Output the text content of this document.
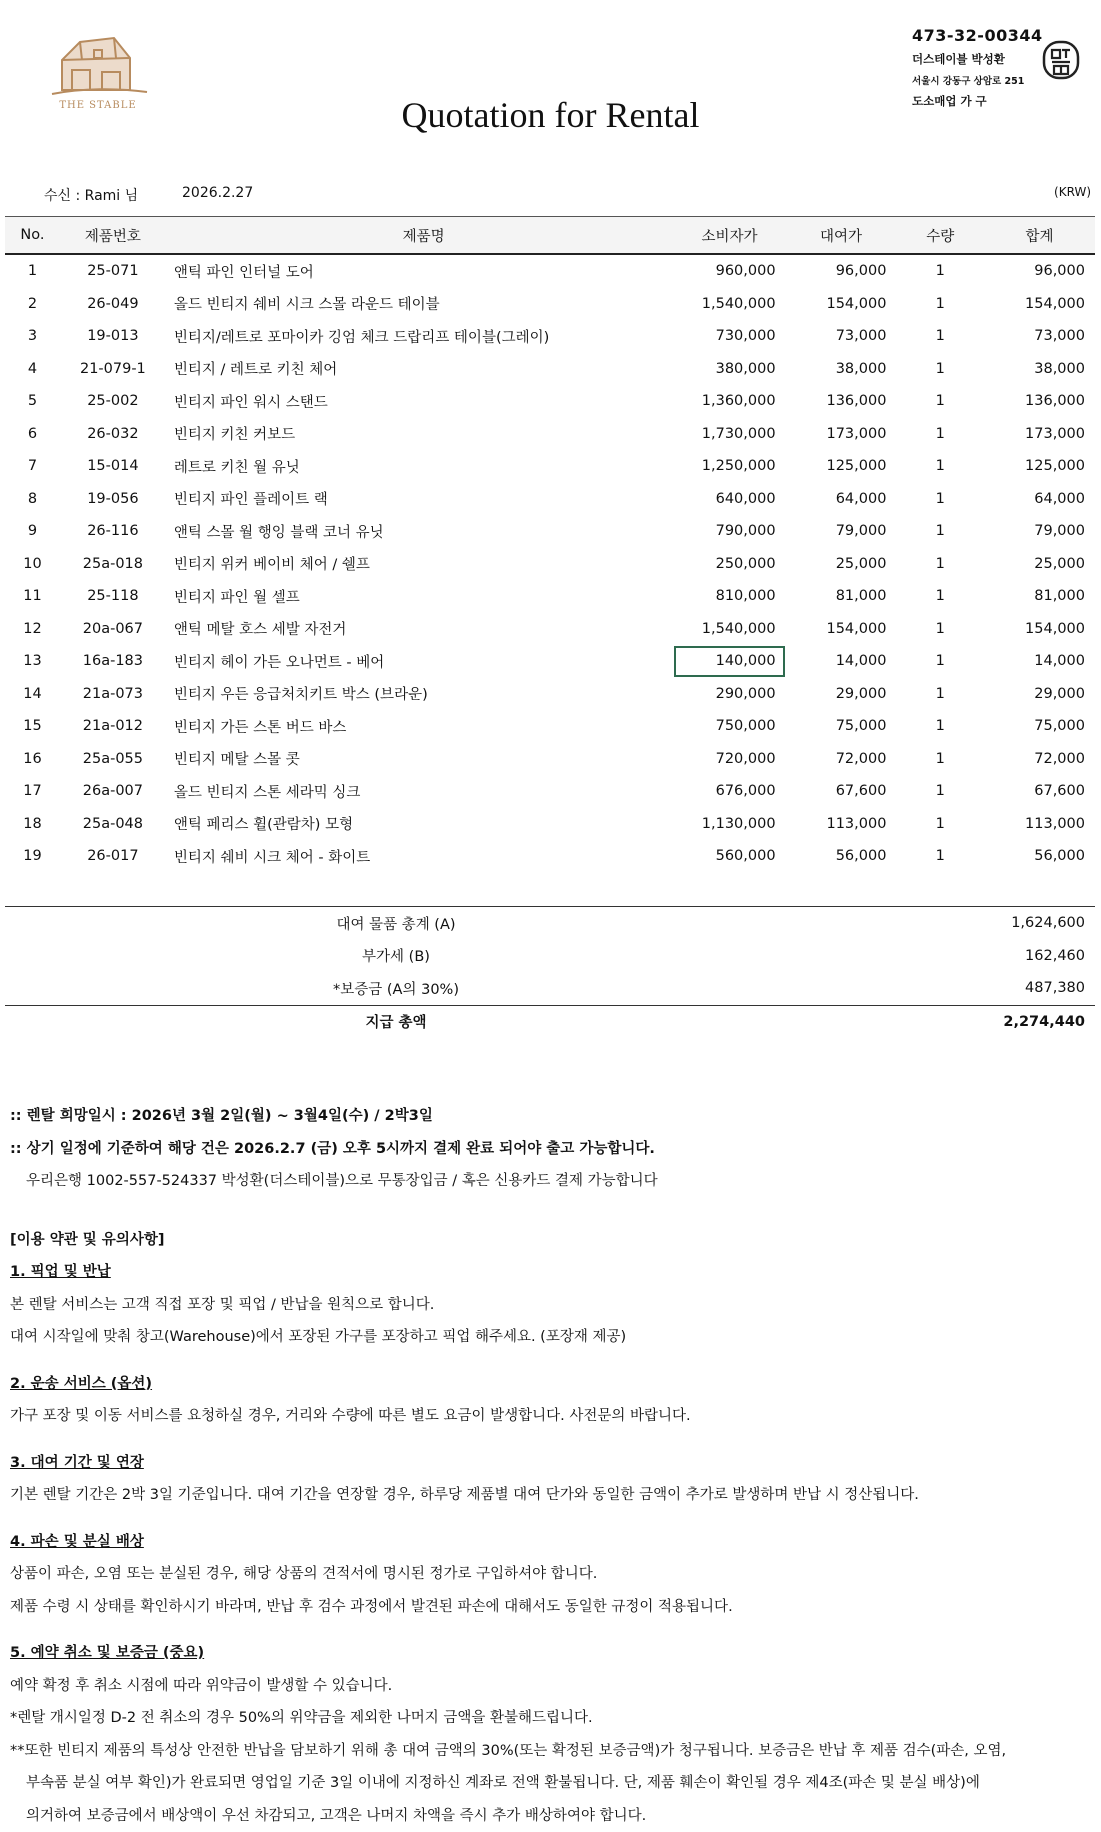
THE STABLE	Quotation for Rental
473-32-00344
더스테이블 박성환
서울시 강동구 상암로 251
도소매업 가 구
수신 : Rami 님	2026.2.27	(KRW)
No.	제품번호	제품명	소비자가	대여가	수량	합계
1	25-071	앤틱 파인 인터널 도어	960,000	96,000	1	96,000
2	26-049	올드 빈티지 쉐비 시크 스몰 라운드 테이블	1,540,000	154,000	1	154,000
3	19-013	빈티지/레트로 포마이카 깅엄 체크 드랍리프 테이블(그레이)	730,000	73,000	1	73,000
4	21-079-1	빈티지 / 레트로 키친 체어	380,000	38,000	1	38,000
5	25-002	빈티지 파인 워시 스탠드	1,360,000	136,000	1	136,000
6	26-032	빈티지 키친 커보드	1,730,000	173,000	1	173,000
7	15-014	레트로 키친 월 유닛	1,250,000	125,000	1	125,000
8	19-056	빈티지 파인 플레이트 랙	640,000	64,000	1	64,000
9	26-116	앤틱 스몰 월 행잉 블랙 코너 유닛	790,000	79,000	1	79,000
10	25a-018	빈티지 위커 베이비 체어 / 쉘프	250,000	25,000	1	25,000
11	25-118	빈티지 파인 월 셀프	810,000	81,000	1	81,000
12	20a-067	앤틱 메탈 호스 세발 자전거	1,540,000	154,000	1	154,000
13	16a-183	빈티지 헤이 가든 오나먼트 - 베어	140,000	14,000	1	14,000
14	21a-073	빈티지 우든 응급처치키트 박스 (브라운)	290,000	29,000	1	29,000
15	21a-012	빈티지 가든 스톤 버드 바스	750,000	75,000	1	75,000
16	25a-055	빈티지 메탈 스몰 콧	720,000	72,000	1	72,000
17	26a-007	올드 빈티지 스톤 세라믹 싱크	676,000	67,600	1	67,600
18	25a-048	앤틱 페리스 휠(관람차) 모형	1,130,000	113,000	1	113,000
19	26-017	빈티지 쉐비 시크 체어 - 화이트	560,000	56,000	1	56,000
대여 물품 총계 (A)	1,624,600
부가세 (B)	162,460
*보증금 (A의 30%)	487,380
지급 총액	2,274,440
:: 렌탈 희망일시 : 2026년 3월 2일(월) ~ 3월4일(수) / 2박3일
:: 상기 일정에 기준하여 해당 건은 2026.2.7 (금) 오후 5시까지 결제 완료 되어야 출고 가능합니다.
우리은행 1002-557-524337 박성환(더스테이블)으로 무통장입금 / 혹은 신용카드 결제 가능합니다
[이용 약관 및 유의사항]
1. 픽업 및 반납
본 렌탈 서비스는 고객 직접 포장 및 픽업 / 반납을 원칙으로 합니다.
대여 시작일에 맞춰 창고(Warehouse)에서 포장된 가구를 포장하고 픽업 해주세요. (포장재 제공)
2. 운송 서비스 (옵션)
가구 포장 및 이동 서비스를 요청하실 경우, 거리와 수량에 따른 별도 요금이 발생합니다. 사전문의 바랍니다.
3. 대여 기간 및 연장
기본 렌탈 기간은 2박 3일 기준입니다. 대여 기간을 연장할 경우, 하루당 제품별 대여 단가와 동일한 금액이 추가로 발생하며 반납 시 정산됩니다.
4. 파손 및 분실 배상
상품이 파손, 오염 또는 분실된 경우, 해당 상품의 견적서에 명시된 정가로 구입하셔야 합니다.
제품 수령 시 상태를 확인하시기 바라며, 반납 후 검수 과정에서 발견된 파손에 대해서도 동일한 규정이 적용됩니다.
5. 예약 취소 및 보증금 (중요)
예약 확정 후 취소 시점에 따라 위약금이 발생할 수 있습니다.
*렌탈 개시일정 D-2 전 취소의 경우 50%의 위약금을 제외한 나머지 금액을 환불해드립니다.
**또한 빈티지 제품의 특성상 안전한 반납을 담보하기 위해 총 대여 금액의 30%(또는 확정된 보증금액)가 청구됩니다. 보증금은 반납 후 제품 검수(파손, 오염,
부속품 분실 여부 확인)가 완료되면 영업일 기준 3일 이내에 지정하신 계좌로 전액 환불됩니다. 단, 제품 훼손이 확인될 경우 제4조(파손 및 분실 배상)에
의거하여 보증금에서 배상액이 우선 차감되고, 고객은 나머지 차액을 즉시 추가 배상하여야 합니다.
